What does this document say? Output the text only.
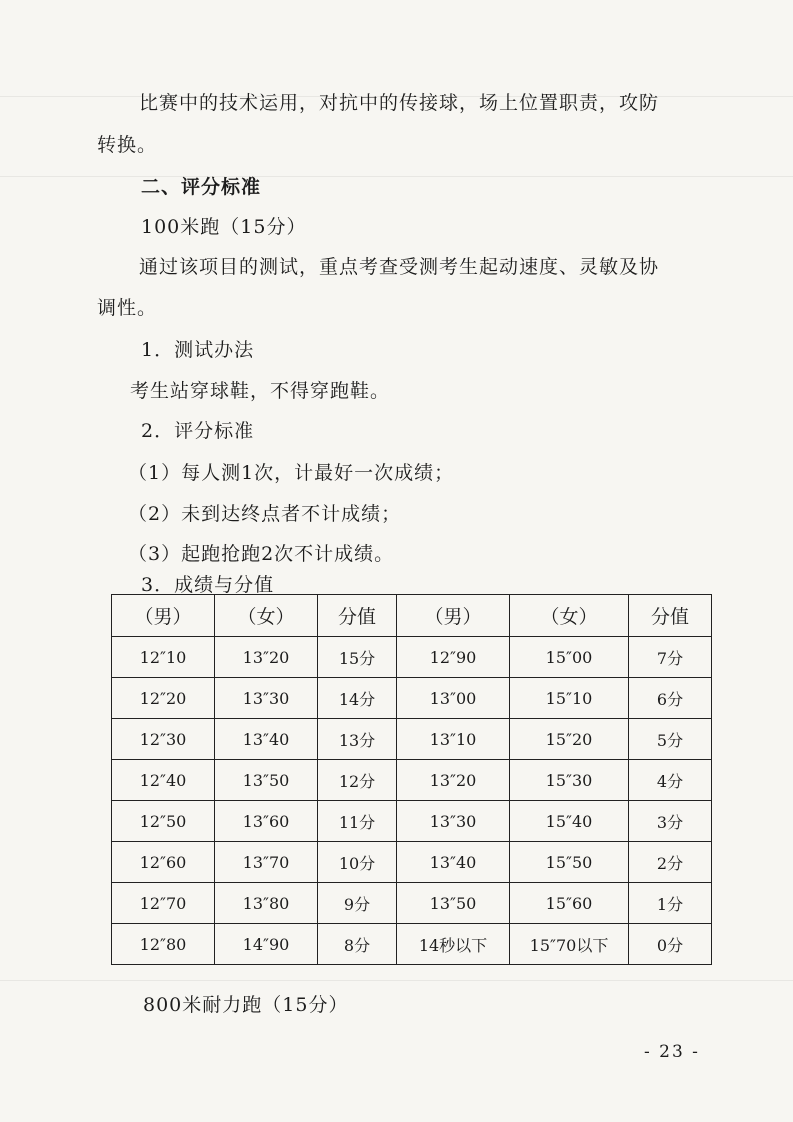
比赛中的技术运用，对抗中的传接球，场上位置职责，攻防
转换。
二、评分标准
100米跑（15分）
通过该项目的测试，重点考查受测考生起动速度、灵敏及协
调性。
1．测试办法
考生站穿球鞋，不得穿跑鞋。
2．评分标准
（1）每人测1次，计最好一次成绩；
（2）未到达终点者不计成绩；
（3）起跑抢跑2次不计成绩。
3．成绩与分值
（男）	（女）	分值	（男）	（女）	分值
12″10	13″20	15分	12″90	15″00	7分
12″20	13″30	14分	13″00	15″10	6分
12″30	13″40	13分	13″10	15″20	5分
12″40	13″50	12分	13″20	15″30	4分
12″50	13″60	11分	13″30	15″40	3分
12″60	13″70	10分	13″40	15″50	2分
12″70	13″80	9分	13″50	15″60	1分
12″80	14″90	8分	14秒以下	15″70以下	0分
800米耐力跑（15分）
- 23 -
